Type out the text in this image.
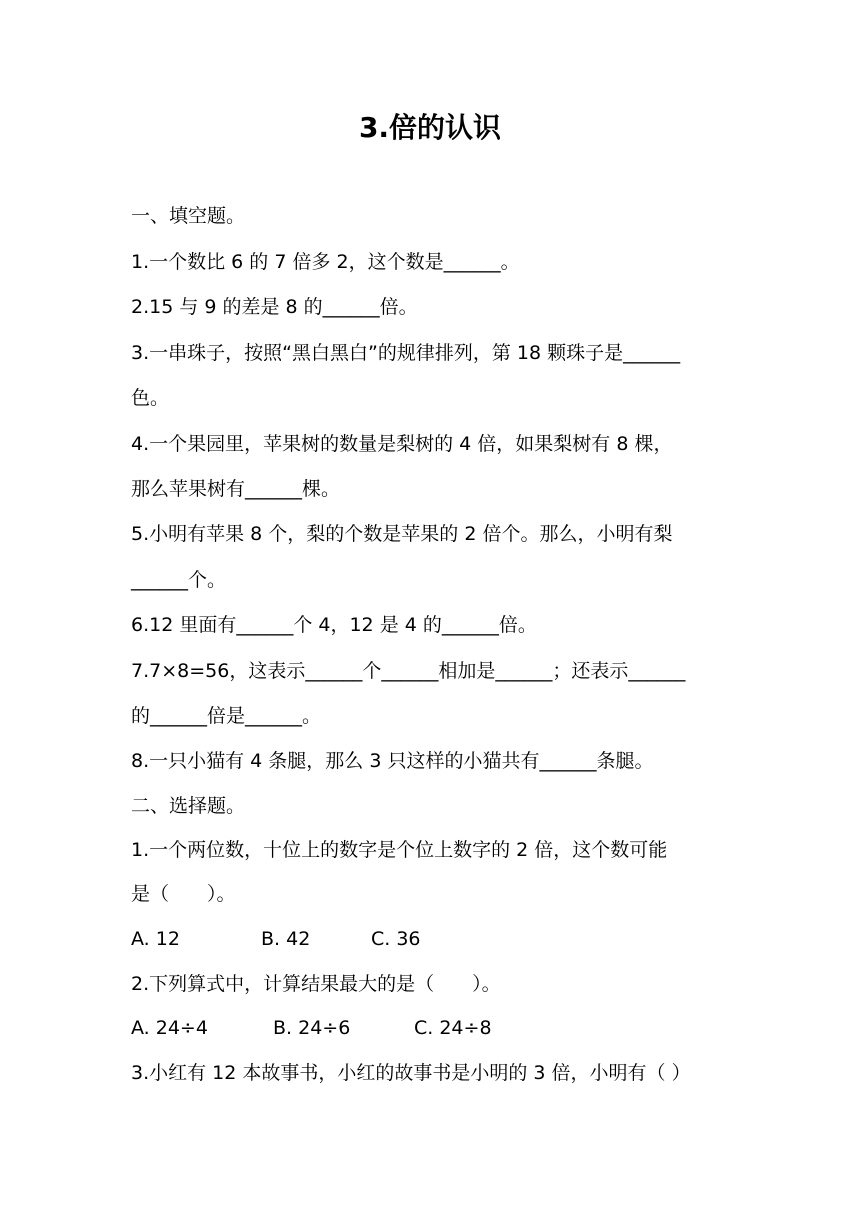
3.倍的认识
一、填空题。
1.一个数比 6 的 7 倍多 2，这个数是______。
2.15 与 9 的差是 8 的______倍。
3.一串珠子，按照“黑白黑白”的规律排列，第 18 颗珠子是______
色。
4.一个果园里，苹果树的数量是梨树的 4 倍，如果梨树有 8 棵，
那么苹果树有______棵。
5.小明有苹果 8 个，梨的个数是苹果的 2 倍个。那么，小明有梨
______个。
6.12 里面有______个 4，12 是 4 的______倍。
7.7×8=56，这表示______个______相加是______；还表示______
的______倍是______。
8.一只小猫有 4 条腿，那么 3 只这样的小猫共有______条腿。
二、选择题。
1.一个两位数，十位上的数字是个位上数字的 2 倍，这个数可能
是（　　）。
A. 12	B. 42	C. 36
2.下列算式中，计算结果最大的是（　　）。
A. 24÷4	B. 24÷6	C. 24÷8
3.小红有 12 本故事书，小红的故事书是小明的 3 倍，小明有（ ）
